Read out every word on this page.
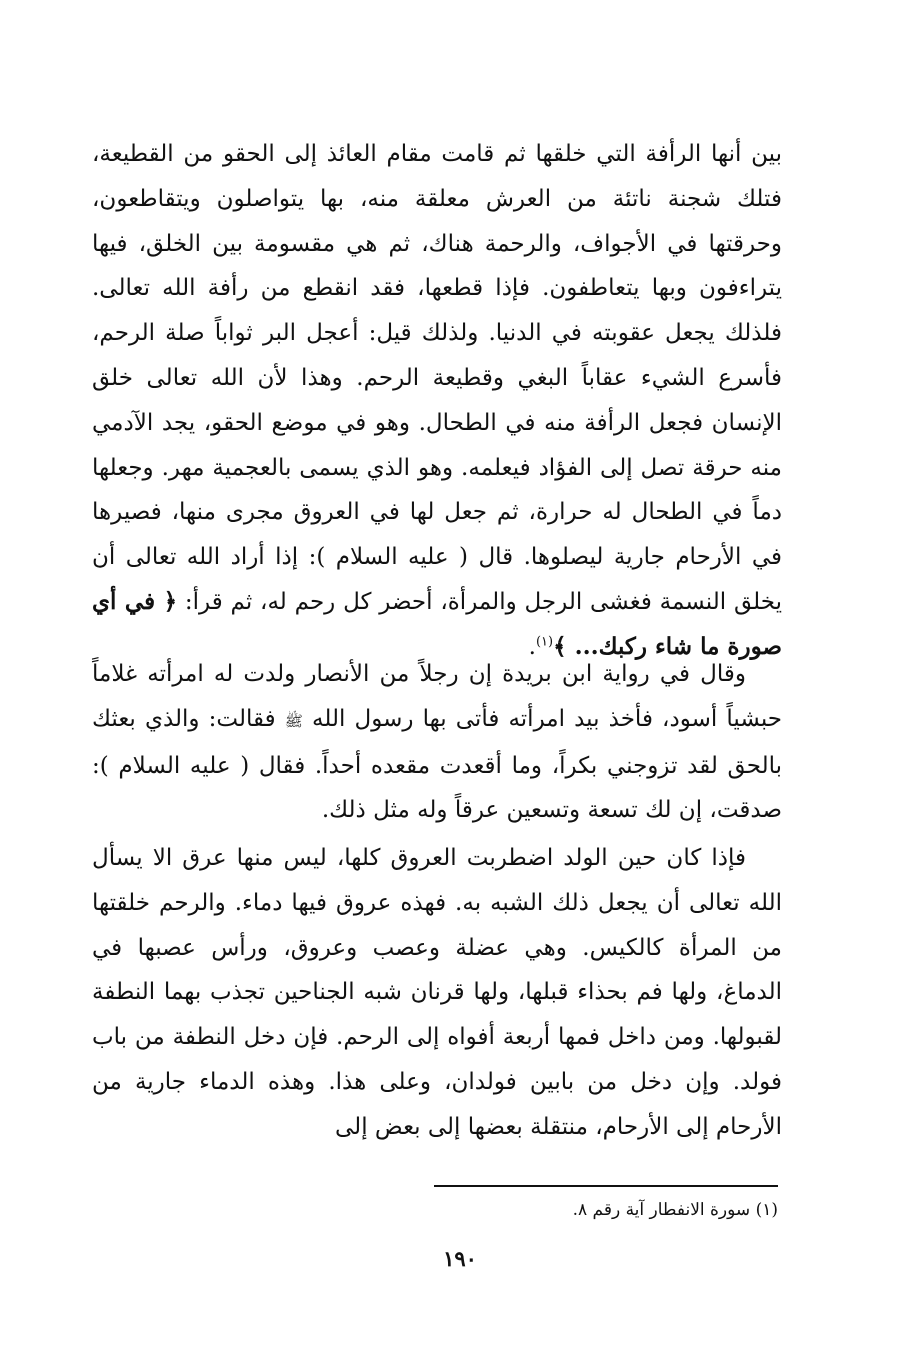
بين أنها الرأفة التي خلقها ثم قامت مقام العائذ إلى الحقو من القطيعة، فتلك شجنة ناتئة من العرش معلقة منه، بها يتواصلون ويتقاطعون، وحرقتها في الأجواف، والرحمة هناك، ثم هي مقسومة بين الخلق، فيها يتراءفون وبها يتعاطفون. فإذا قطعها، فقد انقطع من رأفة الله تعالى. فلذلك يجعل عقوبته في الدنيا. ولذلك قيل: أعجل البر ثواباً صلة الرحم، فأسرع الشيء عقاباً البغي وقطيعة الرحم. وهذا لأن الله تعالى خلق الإنسان فجعل الرأفة منه في الطحال. وهو في موضع الحقو، يجد الآدمي منه حرقة تصل إلى الفؤاد فيعلمه. وهو الذي يسمى بالعجمية مهر. وجعلها دماً في الطحال له حرارة، ثم جعل لها في العروق مجرى منها، فصيرها في الأرحام جارية ليصلوها. قال ( عليه السلام ): إذا أراد الله تعالى أن يخلق النسمة فغشى الرجل والمرأة، أحضر كل رحم له، ثم قرأ: ﴿ في أي صورة ما شاء ركبك... ﴾$^{(١)}$.

وقال في رواية ابن بريدة إن رجلاً من الأنصار ولدت له امرأته غلاماً حبشياً أسود، فأخذ بيد امرأته فأتى بها رسول الله ﷺ فقالت: والذي بعثك بالحق لقد تزوجني بكراً، وما أقعدت مقعده أحداً. فقال ( عليه السلام ): صدقت، إن لك تسعة وتسعين عرقاً وله مثل ذلك.

فإذا كان حين الولد اضطربت العروق كلها، ليس منها عرق الا يسأل الله تعالى أن يجعل ذلك الشبه به. فهذه عروق فيها دماء. والرحم خلقتها من المرأة كالكيس. وهي عضلة وعصب وعروق، ورأس عصبها في الدماغ، ولها فم بحذاء قبلها، ولها قرنان شبه الجناحين تجذب بهما النطفة لقبولها. ومن داخل فمها أربعة أفواه إلى الرحم. فإن دخل النطفة من باب فولد. وإن دخل من بابين فولدان، وعلى هذا. وهذه الدماء جارية من الأرحام إلى الأرحام، منتقلة بعضها إلى بعض إلى

(١) سورة الانفطار آية رقم ٨.
١٩٠
